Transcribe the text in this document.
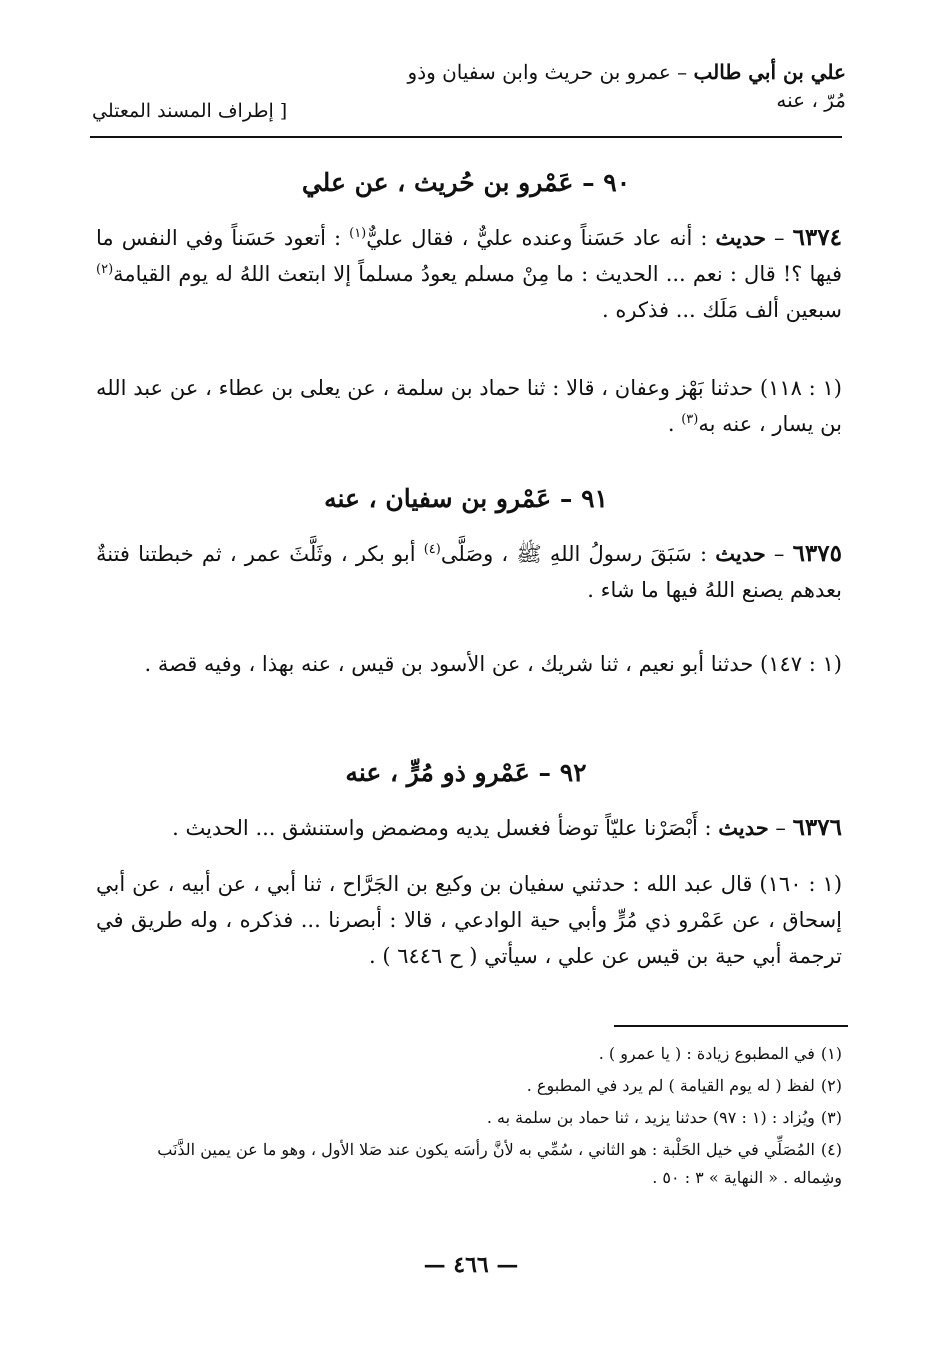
علي بن أبي طالب – عمرو بن حريث وابن سفيان وذو
مُرّ ، عنه
[ إطراف المسند المعتلي
٩٠ – عَمْرو بن حُريث ، عن علي
٦٣٧٤ – حديث : أنه عاد حَسَناً وعنده عليٌّ ، فقال عليٌّ$^{(١)}$ : أتعود حَسَناً وفي النفس ما فيها ؟! قال : نعم ... الحديث : ما مِنْ مسلم يعودُ مسلماً إلا ابتعث اللهُ له يوم القيامة$^{(٢)}$ سبعين ألف مَلَك ... فذكره .
(١ : ١١٨) حدثنا بَهْز وعفان ، قالا : ثنا حماد بن سلمة ، عن يعلى بن عطاء ، عن عبد الله بن يسار ، عنه به$^{(٣)}$ .
٩١ – عَمْرو بن سفيان ، عنه
٦٣٧٥ – حديث : سَبَقَ رسولُ اللهِ ﷺ ، وصَلَّى$^{(٤)}$ أبو بكر ، وثَلَّثَ عمر ، ثم خبطتنا فتنةٌ بعدهم يصنع اللهُ فيها ما شاء .
(١ : ١٤٧) حدثنا أبو نعيم ، ثنا شريك ، عن الأسود بن قيس ، عنه بهذا ، وفيه قصة .
٩٢ – عَمْرو ذو مُرٍّ ، عنه
٦٣٧٦ – حديث : أَبْصَرْنا عليّاً توضأ فغسل يديه ومضمض واستنشق ... الحديث .
(١ : ١٦٠) قال عبد الله : حدثني سفيان بن وكيع بن الجَرَّاح ، ثنا أبي ، عن أبيه ، عن أبي إسحاق ، عن عَمْرو ذي مُرٍّ وأبي حية الوادعي ، قالا : أبصرنا ... فذكره ، وله طريق في ترجمة أبي حية بن قيس عن علي ، سيأتي ( ح ٦٤٤٦ ) .
(١)في المطبوع زيادة : ( يا عمرو ) .
(٢)لفظ ( له يوم القيامة ) لم يرد في المطبوع .
(٣)ويُزاد : (١ : ٩٧) حدثنا يزيد ، ثنا حماد بن سلمة به .
(٤)المُصَلِّي في خيل الحَلْبة : هو الثاني ، سُمِّي به لأنَّ رأسَه يكون عند صَلا الأول ، وهو ما عن يمين الذَّنَب وشِماله . « النهاية » ٣ : ٥٠ .
— ٤٦٦ —
